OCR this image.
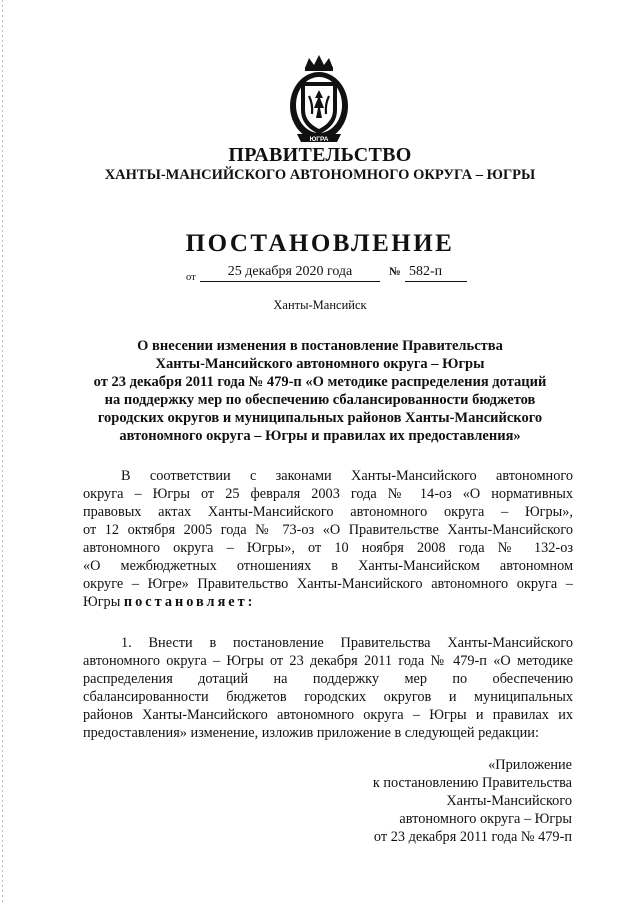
ЮГРА
ПРАВИТЕЛЬСТВО
ХАНТЫ-МАНСИЙСКОГО АВТОНОМНОГО ОКРУГА – ЮГРЫ
ПОСТАНОВЛЕНИЕ
от	25 декабря 2020 года	№ 582-п
Ханты-Мансийск
О внесении изменения в постановление Правительства
Ханты-Мансийского автономного округа – Югры
от 23 декабря 2011 года № 479-п «О методике распределения дотаций
на поддержку мер по обеспечению сбалансированности бюджетов
городских округов и муниципальных районов Ханты-Мансийского
автономного округа – Югры и правилах их предоставления»
В соответствии с законами Ханты-Мансийского автономного
округа – Югры от 25 февраля 2003 года № 14-оз «О нормативных
правовых актах Ханты-Мансийского автономного округа – Югры»,
от 12 октября 2005 года № 73-оз «О Правительстве Ханты-Мансийского
автономного округа – Югры», от 10 ноября 2008 года № 132-оз
«О межбюджетных отношениях в Ханты-Мансийском автономном
округе – Югре» Правительство Ханты-Мансийского автономного округа –
Югры постановляет:
1. Внести в постановление Правительства Ханты-Мансийского
автономного округа – Югры от 23 декабря 2011 года № 479-п «О методике
распределения дотаций на поддержку мер по обеспечению
сбалансированности бюджетов городских округов и муниципальных
районов Ханты-Мансийского автономного округа – Югры и правилах их
предоставления» изменение, изложив приложение в следующей редакции:
«Приложение
к постановлению Правительства
Ханты-Мансийского
автономного округа – Югры
от 23 декабря 2011 года № 479-п
